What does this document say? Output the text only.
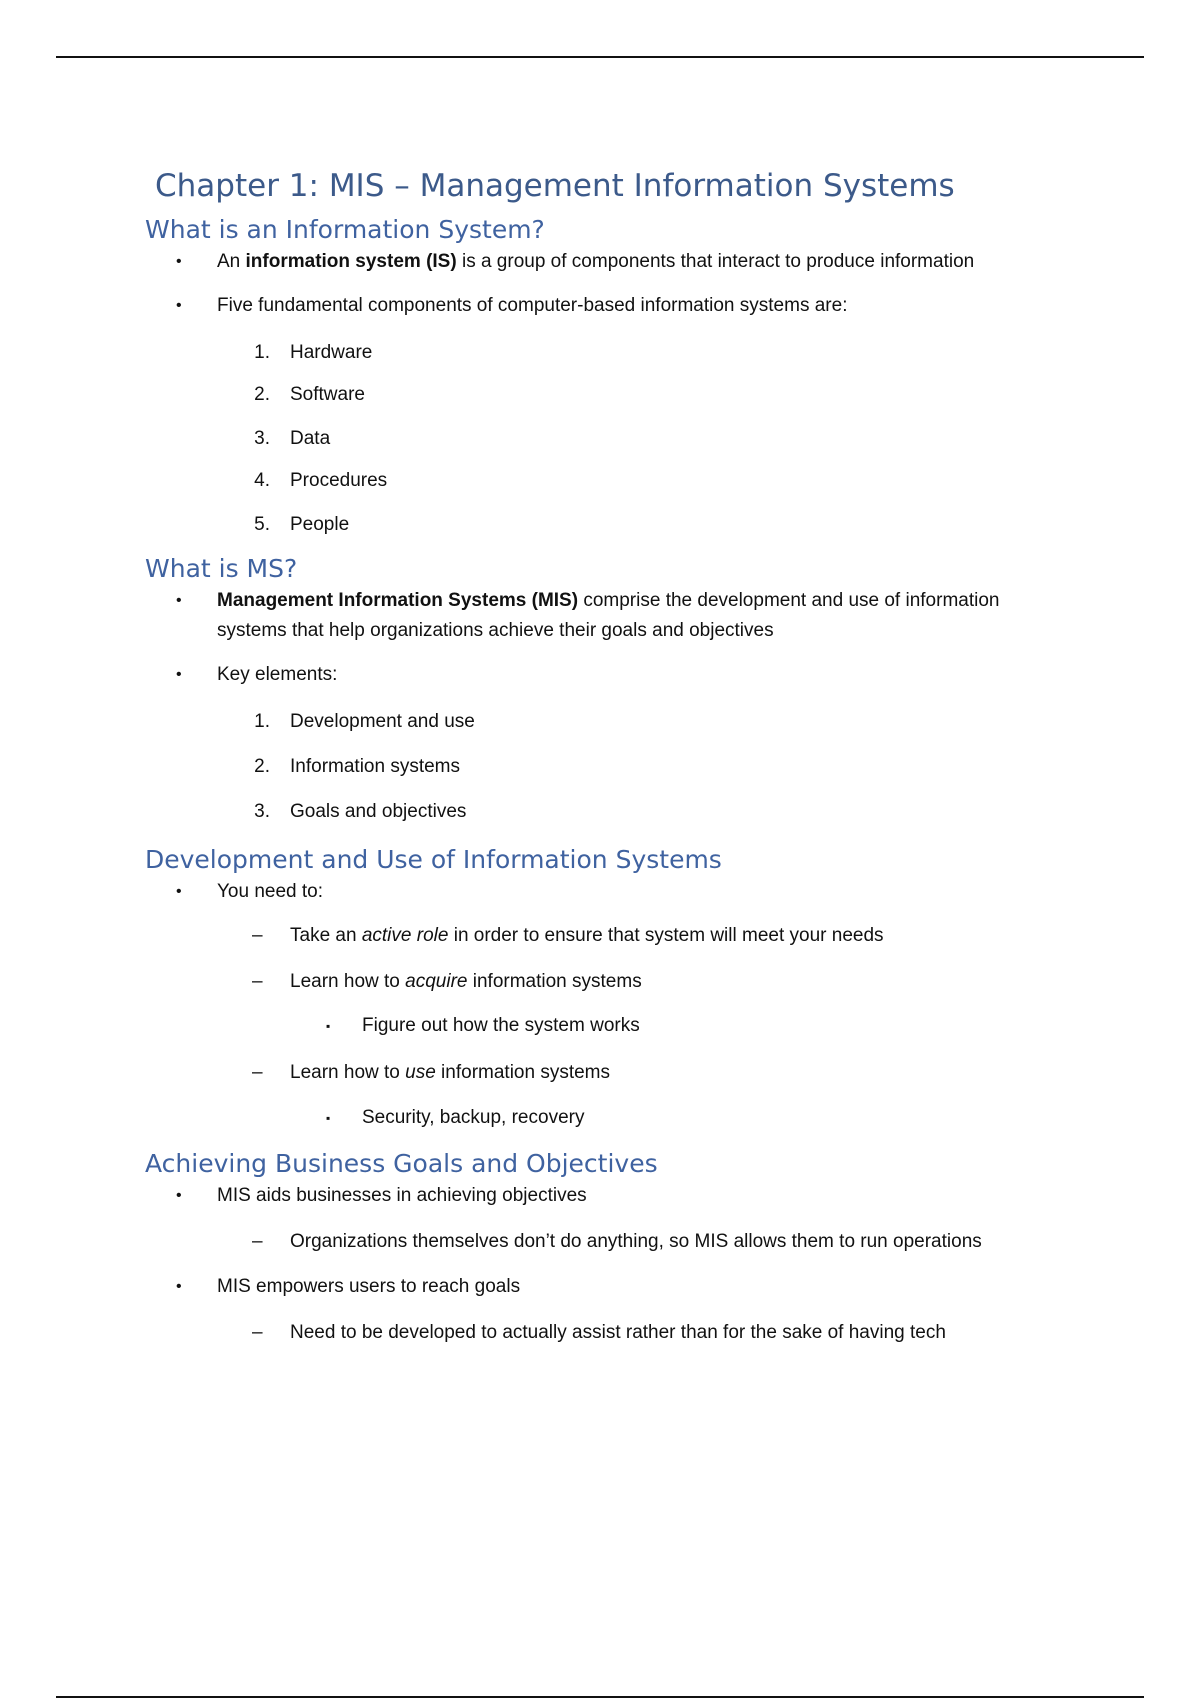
Chapter 1: MIS – Management Information Systems
What is an Information System?
•	An information system (IS) is a group of components that interact to produce information

•	Five fundamental components of computer-based information systems are:

1. Hardware

2. Software

3. Data

4. Procedures

5. People

What is MS?
•	Management Information Systems (MIS) comprise the development and use of information

systems that help organizations achieve their goals and objectives

•	Key elements:

1. Development and use

2. Information systems

3. Goals and objectives

Development and Use of Information Systems
•	You need to:

– Take an active role in order to ensure that system will meet your needs

– Learn how to acquire information systems

▪	Figure out how the system works

– Learn how to use information systems

▪	Security, backup, recovery

Achieving Business Goals and Objectives
•	MIS aids businesses in achieving objectives

– Organizations themselves don’t do anything, so MIS allows them to run operations

•	MIS empowers users to reach goals

– Need to be developed to actually assist rather than for the sake of having tech
